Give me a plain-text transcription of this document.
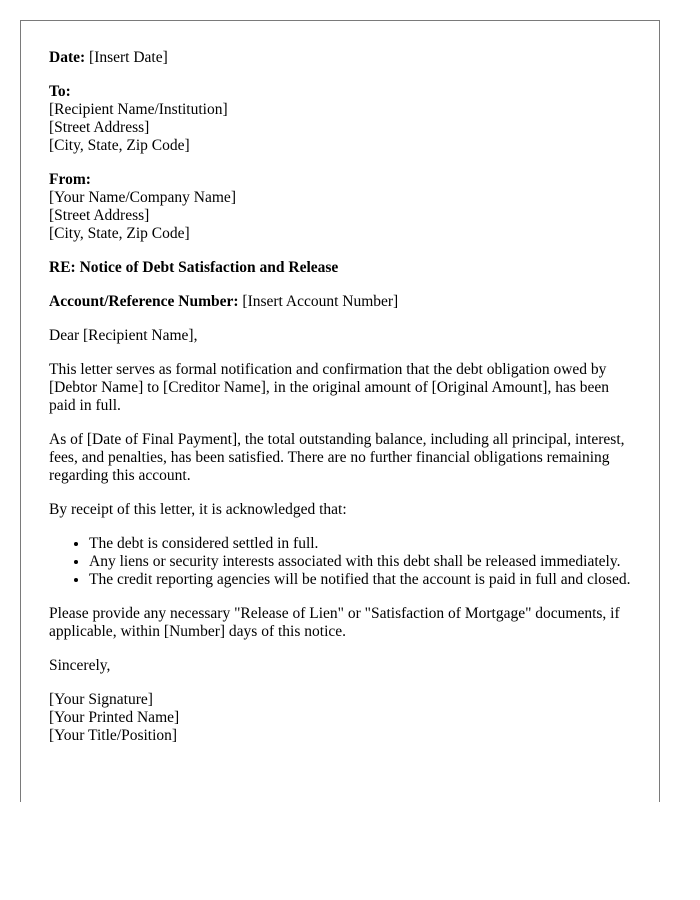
Date: [Insert Date]
To:
[Recipient Name/Institution]
[Street Address]
[City, State, Zip Code]
From:
[Your Name/Company Name]
[Street Address]
[City, State, Zip Code]
RE: Notice of Debt Satisfaction and Release
Account/Reference Number: [Insert Account Number]
Dear [Recipient Name],
This letter serves as formal notification and confirmation that the debt obligation owed by [Debtor Name] to [Creditor Name], in the original amount of [Original Amount], has been paid in full.
As of [Date of Final Payment], the total outstanding balance, including all principal, interest, fees, and penalties, has been satisfied. There are no further financial obligations remaining regarding this account.
By receipt of this letter, it is acknowledged that:
• The debt is considered settled in full.
• Any liens or security interests associated with this debt shall be released immediately.
• The credit reporting agencies will be notified that the account is paid in full and closed.
Please provide any necessary "Release of Lien" or "Satisfaction of Mortgage" documents, if applicable, within [Number] days of this notice.
Sincerely,
[Your Signature]
[Your Printed Name]
[Your Title/Position]
